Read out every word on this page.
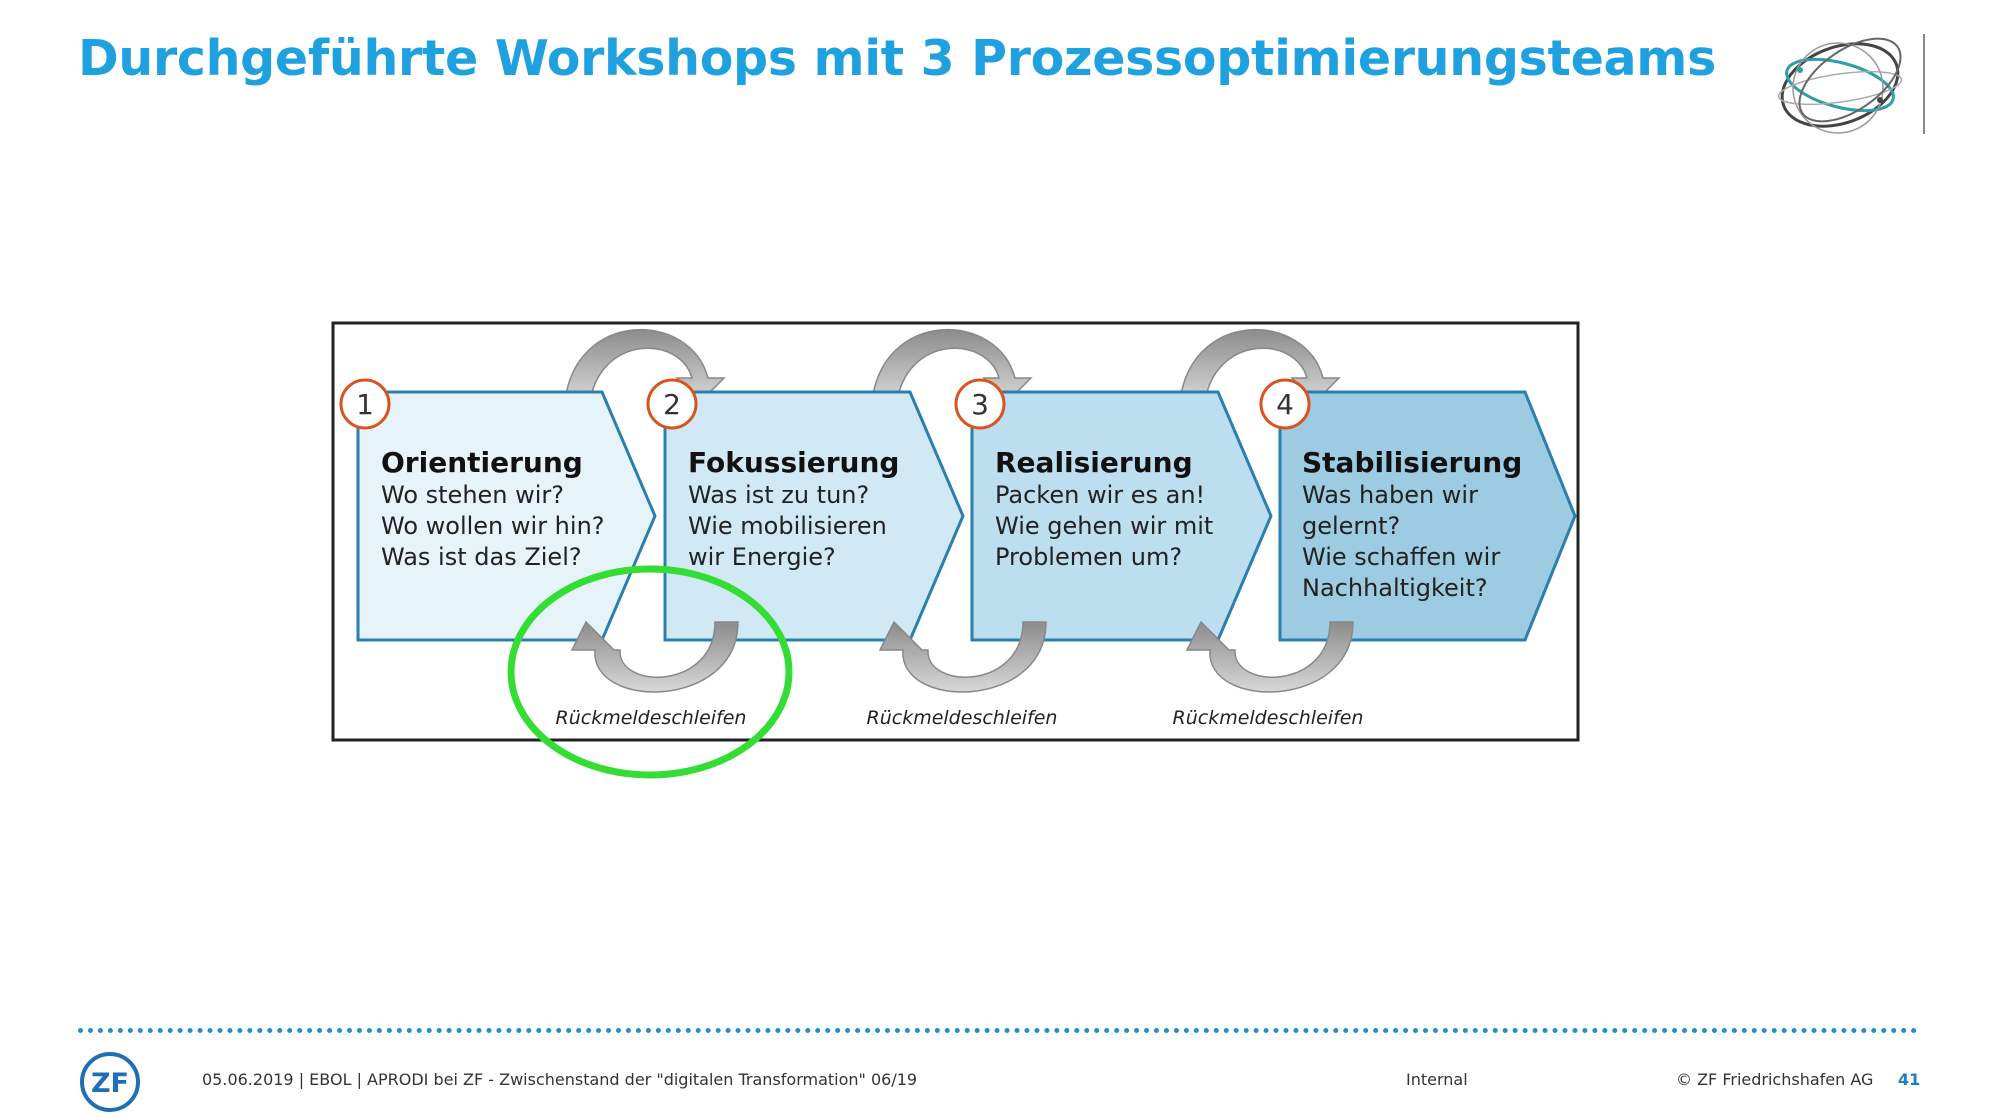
Durchgeführte Workshops mit 3 Prozessoptimierungsteams
1	2	3	4
Orientierung
Wo stehen wir?
Wo wollen wir hin?
Was ist das Ziel?
Fokussierung
Was ist zu tun?
Wie mobilisieren
wir Energie?
Realisierung
Packen wir es an!
Wie gehen wir mit
Problemen um?
Stabilisierung
Was haben wir
gelernt?
Wie schaffen wir
Nachhaltigkeit?
Rückmeldeschleifen	Rückmeldeschleifen	Rückmeldeschleifen
ZF	05.06.2019 | EBOL | APRODI bei ZF - Zwischenstand der "digitalen Transformation" 06/19	Internal	© ZF Friedrichshafen AG 41
